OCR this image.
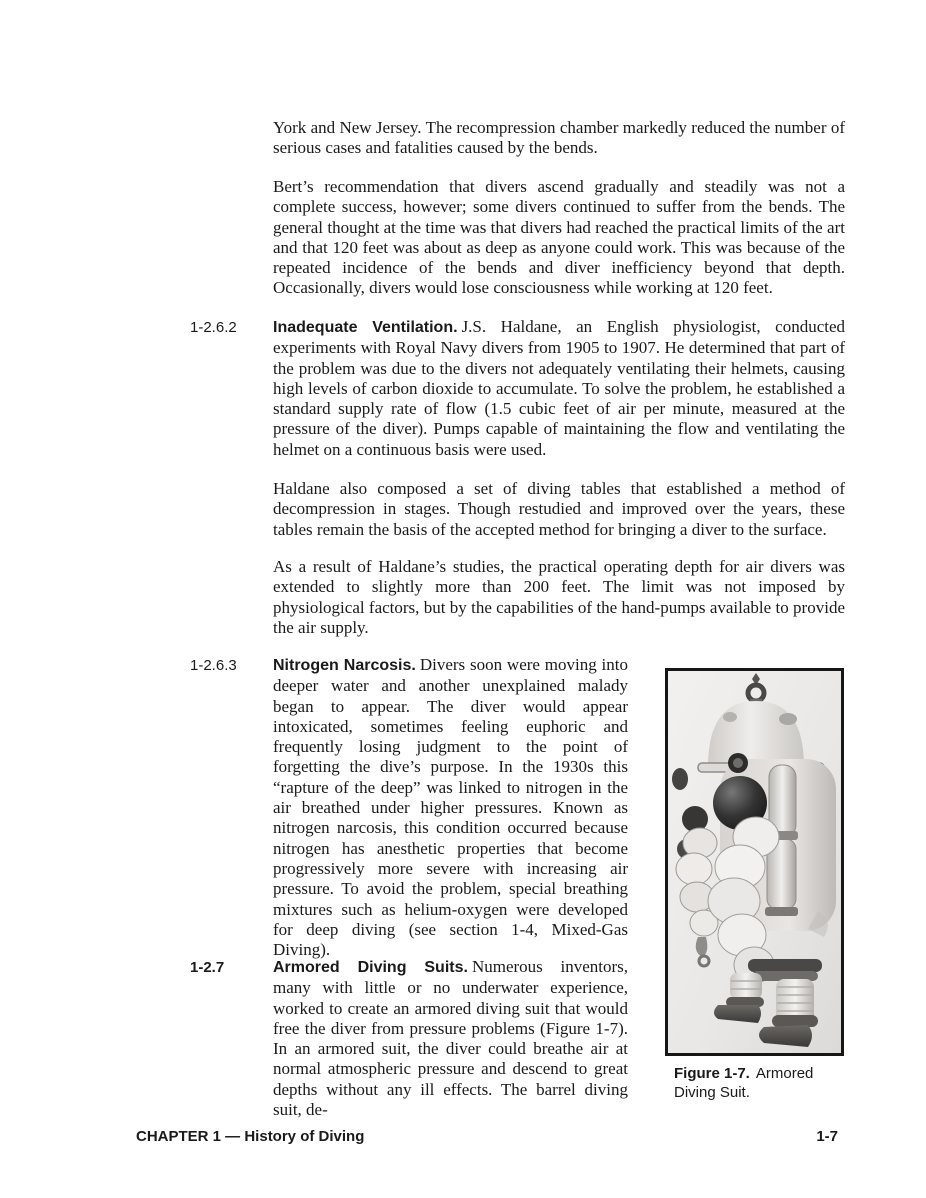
York and New Jersey. The recompression chamber markedly reduced the number of serious cases and fatalities caused by the bends.

Bert’s recommendation that divers ascend gradually and steadily was not a complete success, however; some divers continued to suffer from the bends. The general thought at the time was that divers had reached the practical limits of the art and that 120 feet was about as deep as anyone could work. This was because of the repeated incidence of the bends and diver inefficiency beyond that depth. Occasionally, divers would lose consciousness while working at 120 feet.

1-2.6.2	Inadequate Ventilation. J.S. Haldane, an English physiologist, conducted experiments with Royal Navy divers from 1905 to 1907. He determined that part of the problem was due to the divers not adequately ventilating their helmets, causing high levels of carbon dioxide to accumulate. To solve the problem, he established a standard supply rate of flow (1.5 cubic feet of air per minute, measured at the pressure of the diver). Pumps capable of maintaining the flow and ventilating the helmet on a continuous basis were used.

Haldane also composed a set of diving tables that established a method of decompression in stages. Though restudied and improved over the years, these tables remain the basis of the accepted method for bringing a diver to the surface.

As a result of Haldane’s studies, the practical operating depth for air divers was extended to slightly more than 200 feet. The limit was not imposed by physiological factors, but by the capabilities of the hand-pumps available to provide the air supply.

1-2.6.3	Nitrogen Narcosis. Divers soon were moving into deeper water and another unexplained malady began to appear. The diver would appear intoxicated, sometimes feeling euphoric and frequently losing judgment to the point of forgetting the dive’s purpose. In the 1930s this “rapture of the deep” was linked to nitrogen in the air breathed under higher pressures. Known as nitrogen narcosis, this condition occurred because nitrogen has anesthetic properties that become progressively more severe with increasing air pressure. To avoid the problem, special breathing mixtures such as helium-oxygen were developed for deep diving (see section 1-4, Mixed-Gas Diving).

1-2.7	Armored Diving Suits. Numerous inventors, many with little or no underwater experience, worked to create an armored diving suit that would free the diver from pressure problems (Figure 1-7). In an armored suit, the diver could breathe air at normal atmospheric pressure and descend to great depths without any ill effects. The barrel diving suit, de-

Figure 1-7. Armored Diving Suit.
CHAPTER 1 — History of Diving	1-7
